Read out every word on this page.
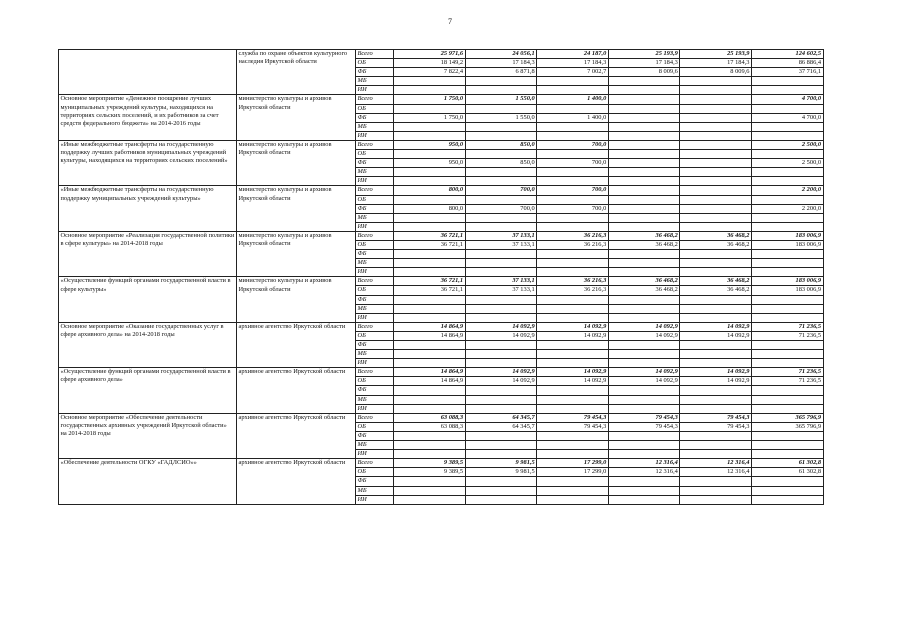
7
	служба по охране объектов культурного наследия Иркутской области	Всего	25 971,6	24 056,1	24 187,0	25 193,9	25 193,9	124 602,5
		ОБ	18 149,2	17 184,3	17 184,3	17 184,3	17 184,3	86 886,4
		ФБ	7 822,4	6 871,8	7 002,7	8 009,6	8 009,6	37 716,1
		МБ						
		ИИ						
Основное мероприятие «Денежное поощрение лучших муниципальных учреждений культуры, находящихся на территориях сельских поселений, и их работников за счет средств федерального бюджета» на 2014-2016 годы	министерство культуры и архивов Иркутской области	Всего	1 750,0	1 550,0	1 400,0			4 700,0
		ОБ						
		ФБ	1 750,0	1 550,0	1 400,0			4 700,0
		МБ						
		ИИ						
«Иные межбюджетные трансферты на государственную поддержку лучших работников муниципальных учреждений культуры, находящихся на территориях сельских поселений»	министерство культуры и архивов Иркутской области	Всего	950,0	850,0	700,0			2 500,0
		ОБ						
		ФБ	950,0	850,0	700,0			2 500,0
		МБ						
		ИИ						
«Иные межбюджетные трансферты на государственную поддержку муниципальных учреждений культуры»	министерство культуры и архивов Иркутской области	Всего	800,0	700,0	700,0			2 200,0
		ОБ						
		ФБ	800,0	700,0	700,0			2 200,0
		МБ						
		ИИ						
Основное мероприятие «Реализация государственной политики в сфере культуры» на 2014-2018 годы	министерство культуры и архивов Иркутской области	Всего	36 721,1	37 133,1	36 216,3	36 468,2	36 468,2	183 006,9
		ОБ	36 721,1	37 133,1	36 216,3	36 468,2	36 468,2	183 006,9
		ФБ						
		МБ						
		ИИ						
«Осуществление функций органами государственной власти в сфере культуры»	министерство культуры и архивов Иркутской области	Всего	36 721,1	37 133,1	36 216,3	36 468,2	36 468,2	183 006,9
		ОБ	36 721,1	37 133,1	36 216,3	36 468,2	36 468,2	183 006,9
		ФБ						
		МБ						
		ИИ						
Основное мероприятие «Оказание государственных услуг в сфере архивного дела» на 2014-2018 годы	архивное агентство Иркутской области	Всего	14 864,9	14 092,9	14 092,9	14 092,9	14 092,9	71 236,5
		ОБ	14 864,9	14 092,9	14 092,9	14 092,9	14 092,9	71 236,5
		ФБ						
		МБ						
		ИИ						
«Осуществление функций органами государственной власти в сфере архивного дела»	архивное агентство Иркутской области	Всего	14 864,9	14 092,9	14 092,9	14 092,9	14 092,9	71 236,5
		ОБ	14 864,9	14 092,9	14 092,9	14 092,9	14 092,9	71 236,5
		ФБ						
		МБ						
		ИИ						
Основное мероприятие «Обеспечение деятельности государственных архивных учреждений Иркутской области» на 2014-2018 годы	архивное агентство Иркутской области	Всего	63 088,3	64 345,7	79 454,3	79 454,3	79 454,3	365 796,9
		ОБ	63 088,3	64 345,7	79 454,3	79 454,3	79 454,3	365 796,9
		ФБ						
		МБ						
		ИИ						
«Обеспечение деятельности ОГКУ «ГАДЛСИО»»	архивное агентство Иркутской области	Всего	9 389,5	9 981,5	17 299,0	12 316,4	12 316,4	61 302,8
		ОБ	9 389,5	9 981,5	17 299,0	12 316,4	12 316,4	61 302,8
		ФБ						
		МБ						
		ИИ						
